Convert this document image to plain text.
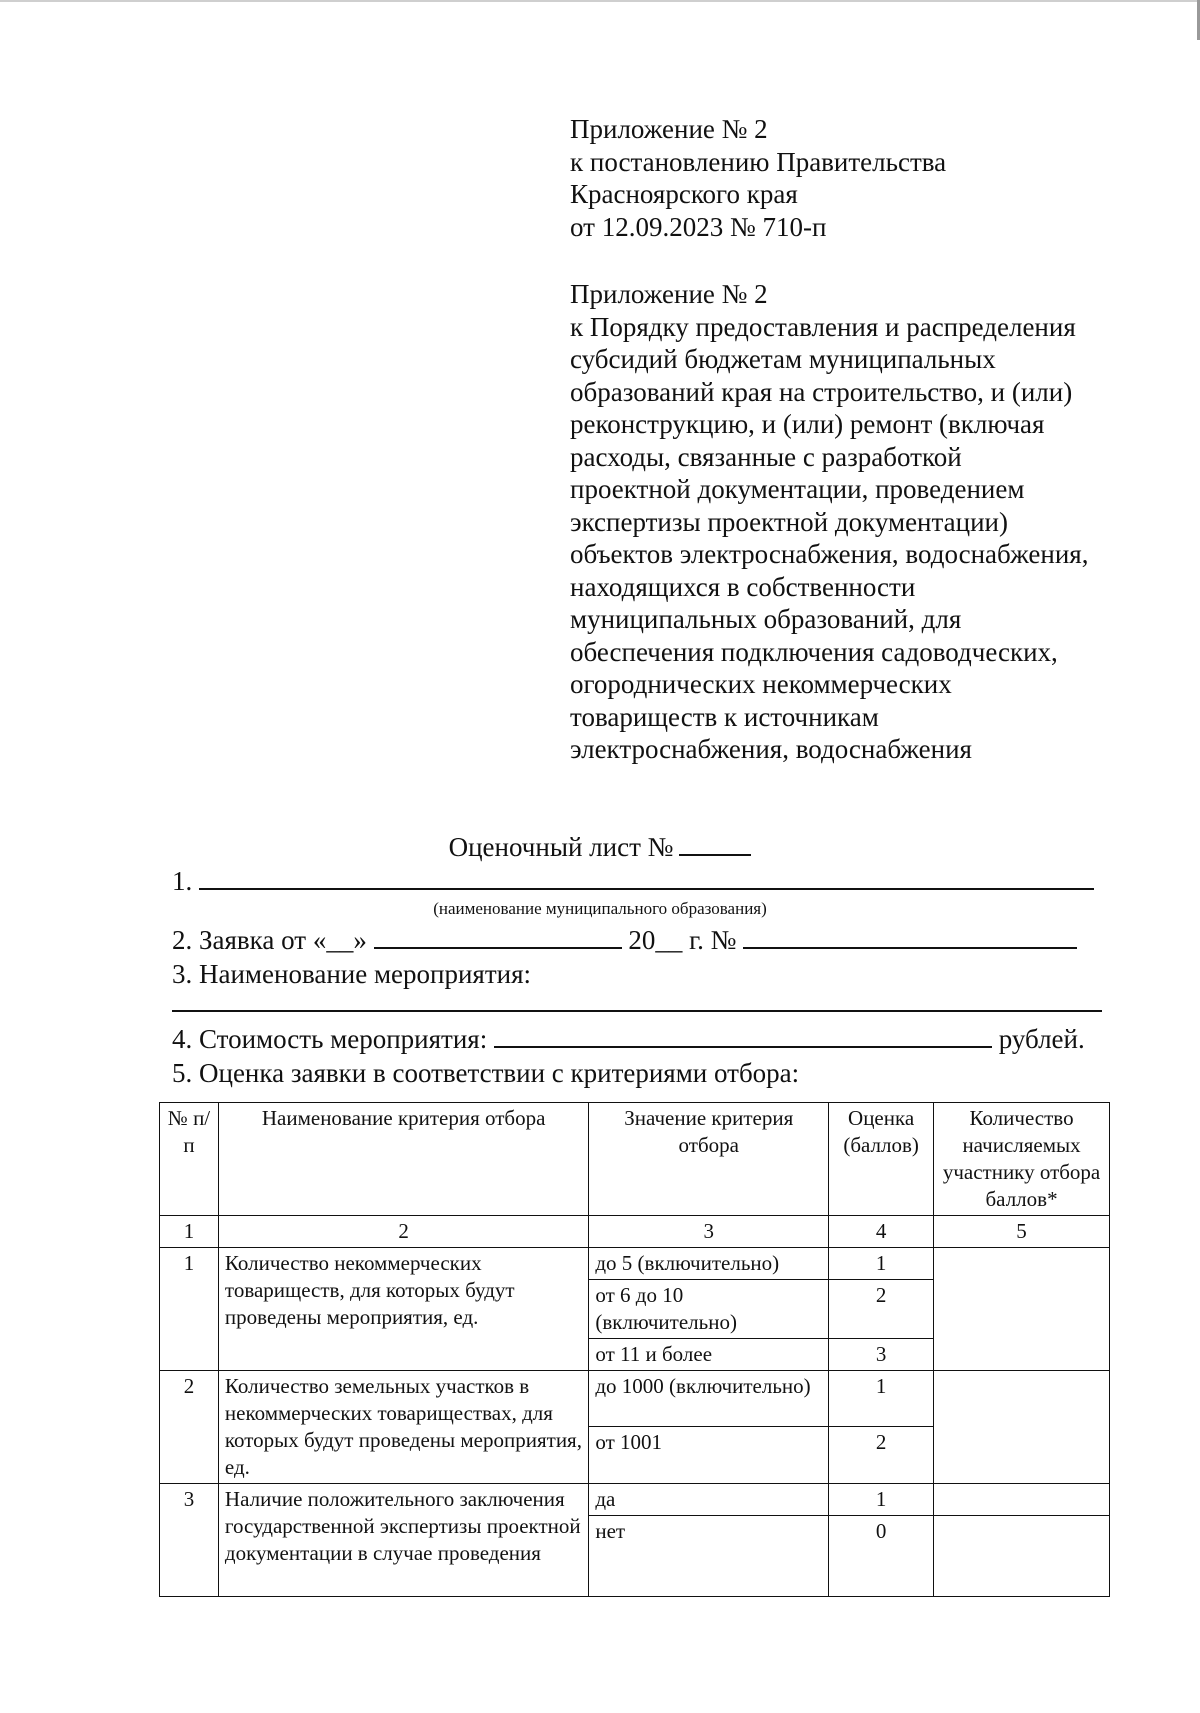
Приложение № 2
к постановлению Правительства
Красноярского края
от 12.09.2023 № 710-п
Приложение № 2
к Порядку предоставления и распределения
субсидий бюджетам муниципальных
образований края на строительство, и (или)
реконструкцию, и (или) ремонт (включая
расходы, связанные с разработкой
проектной документации, проведением
экспертизы проектной документации)
объектов электроснабжения, водоснабжения,
находящихся в собственности
муниципальных образований, для
обеспечения подключения садоводческих,
огороднических некоммерческих
товариществ к источникам
электроснабжения, водоснабжения
Оценочный лист №
1.
(наименование муниципального образования)
2. Заявка от «__»	20__ г. №
3. Наименование мероприятия:
4. Стоимость мероприятия:	рублей.
5. Оценка заявки в соответствии с критериями отбора:
№ п/п	Наименование критерия отбора	Значение критерия отбора	Оценка (баллов)	Количество начисляемых участнику отбора баллов*
1	2	3	4	5
1	Количество некоммерческих товариществ, для которых будут проведены мероприятия, ед.	до 5 (включительно)	1	
		от 6 до 10 (включительно)	2	
		от 11 и более	3	
2	Количество земельных участков в некоммерческих товариществах, для которых будут проведены мероприятия, ед.	до 1000 (включительно)	1	
		от 1001	2	
3	Наличие положительного заключения государственной экспертизы проектной документации в случае проведения	да	1	
		нет	0	
